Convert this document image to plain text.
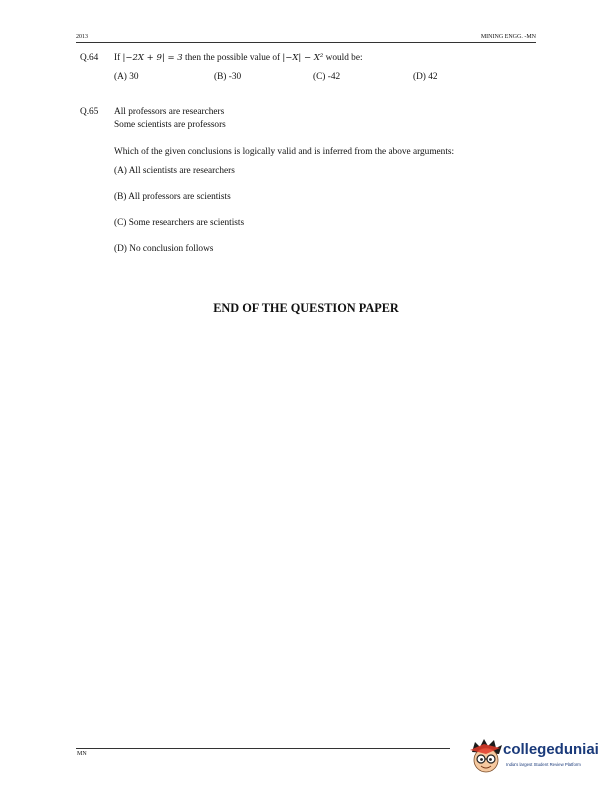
2013	MINING ENGG. -MN
Q.64 If |−2X + 9| = 3 then the possible value of |−X| − X² would be:
(A) 30	(B) -30	(C) -42	(D) 42
Q.65 All professors are researchers
Some scientists are professors
Which of the given conclusions is logically valid and is inferred from the above arguments:
(A) All scientists are researchers
(B) All professors are scientists
(C) Some researchers are scientists
(D) No conclusion follows
END OF THE QUESTION PAPER
MN	collegeduniai
India's largest Student Review Platform
